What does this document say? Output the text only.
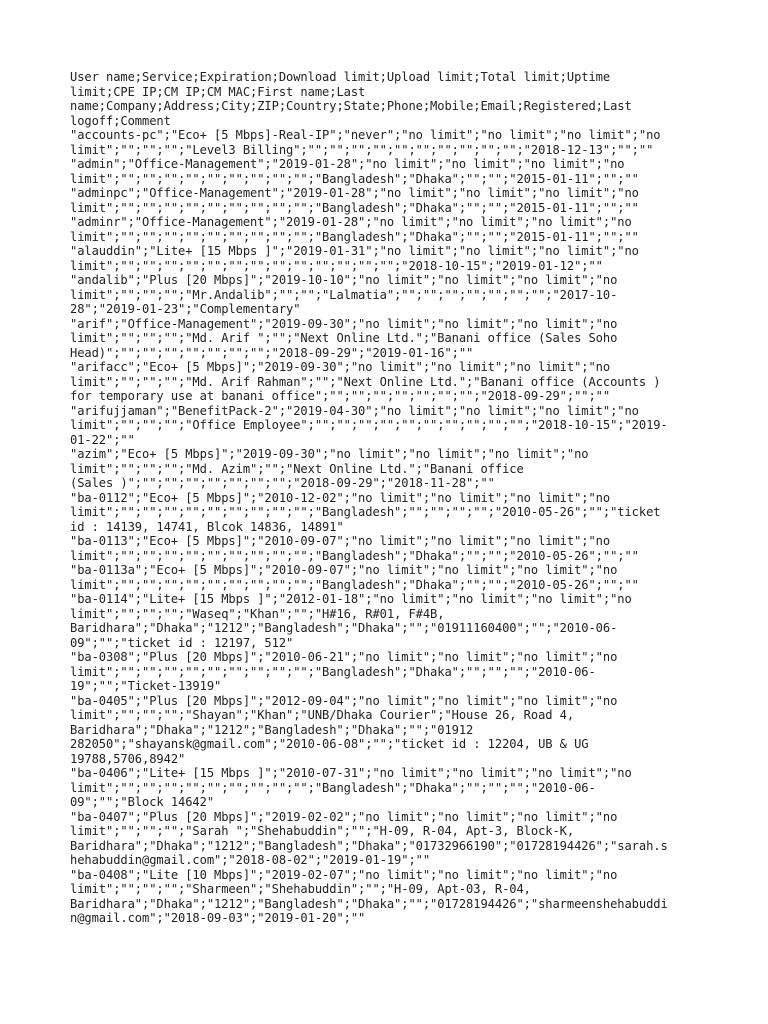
User name;Service;Expiration;Download limit;Upload limit;Total limit;Uptime
limit;CPE IP;CM IP;CM MAC;First name;Last
name;Company;Address;City;ZIP;Country;State;Phone;Mobile;Email;Registered;Last
logoff;Comment
"accounts-pc";"Eco+ [5 Mbps]-Real-IP";"never";"no limit";"no limit";"no limit";"no
limit";"";"";"";"Level3 Billing";"";"";"";"";"";"";"";"";"";"";"2018-12-13";"";""
"admin";"Office-Management";"2019-01-28";"no limit";"no limit";"no limit";"no
limit";"";"";"";"";"";"";"";"";"";"Bangladesh";"Dhaka";"";"";"2015-01-11";"";""
"adminpc";"Office-Management";"2019-01-28";"no limit";"no limit";"no limit";"no
limit";"";"";"";"";"";"";"";"";"";"Bangladesh";"Dhaka";"";"";"2015-01-11";"";""
"adminr";"Office-Management";"2019-01-28";"no limit";"no limit";"no limit";"no
limit";"";"";"";"";"";"";"";"";"";"Bangladesh";"Dhaka";"";"";"2015-01-11";"";""
"alauddin";"Lite+ [15 Mbps ]";"2019-01-31";"no limit";"no limit";"no limit";"no
limit";"";"";"";"";"";"";"";"";"";"";"";"";"";"2018-10-15";"2019-01-12";""
"andalib";"Plus [20 Mbps]";"2019-10-10";"no limit";"no limit";"no limit";"no
limit";"";"";"";"Mr.Andalib";"";"";"Lalmatia";"";"";"";"";"";"";"";"2017-10-
28";"2019-01-23";"Complementary"
"arif";"Office-Management";"2019-09-30";"no limit";"no limit";"no limit";"no
limit";"";"";"";"Md. Arif ";"";"Next Online Ltd.";"Banani office (Sales Soho
Head)";"";"";"";"";"";"";"";"2018-09-29";"2019-01-16";""
"arifacc";"Eco+ [5 Mbps]";"2019-09-30";"no limit";"no limit";"no limit";"no
limit";"";"";"";"Md. Arif Rahman";"";"Next Online Ltd.";"Banani office (Accounts )
for temporary use at banani office";"";"";"";"";"";"";"";"2018-09-29";"";""
"arifujjaman";"BenefitPack-2";"2019-04-30";"no limit";"no limit";"no limit";"no
limit";"";"";"";"Office Employee";"";"";"";"";"";"";"";"";"";"";"2018-10-15";"2019-
01-22";""
"azim";"Eco+ [5 Mbps]";"2019-09-30";"no limit";"no limit";"no limit";"no
limit";"";"";"";"Md. Azim";"";"Next Online Ltd.";"Banani office
(Sales )";"";"";"";"";"";"";"";"2018-09-29";"2018-11-28";""
"ba-0112";"Eco+ [5 Mbps]";"2010-12-02";"no limit";"no limit";"no limit";"no
limit";"";"";"";"";"";"";"";"";"";"Bangladesh";"";"";"";"";"2010-05-26";"";"ticket
id : 14139, 14741, Blcok 14836, 14891"
"ba-0113";"Eco+ [5 Mbps]";"2010-09-07";"no limit";"no limit";"no limit";"no
limit";"";"";"";"";"";"";"";"";"";"Bangladesh";"Dhaka";"";"";"2010-05-26";"";""
"ba-0113a";"Eco+ [5 Mbps]";"2010-09-07";"no limit";"no limit";"no limit";"no
limit";"";"";"";"";"";"";"";"";"";"Bangladesh";"Dhaka";"";"";"2010-05-26";"";""
"ba-0114";"Lite+ [15 Mbps ]";"2012-01-18";"no limit";"no limit";"no limit";"no
limit";"";"";"";"Waseq";"Khan";"";"H#16, R#01, F#4B,
Baridhara";"Dhaka";"1212";"Bangladesh";"Dhaka";"";"01911160400";"";"2010-06-
09";"";"ticket id : 12197, 512"
"ba-0308";"Plus [20 Mbps]";"2010-06-21";"no limit";"no limit";"no limit";"no
limit";"";"";"";"";"";"";"";"";"";"Bangladesh";"Dhaka";"";"";"";"2010-06-
19";"";"Ticket-13919"
"ba-0405";"Plus [20 Mbps]";"2012-09-04";"no limit";"no limit";"no limit";"no
limit";"";"";"";"Shayan";"Khan";"UNB/Dhaka Courier";"House 26, Road 4,
Baridhara";"Dhaka";"1212";"Bangladesh";"Dhaka";"";"01912
282050";"shayansk@gmail.com";"2010-06-08";"";"ticket id : 12204, UB & UG
19788,5706,8942"
"ba-0406";"Lite+ [15 Mbps ]";"2010-07-31";"no limit";"no limit";"no limit";"no
limit";"";"";"";"";"";"";"";"";"";"Bangladesh";"Dhaka";"";"";"";"2010-06-
09";"";"Block 14642"
"ba-0407";"Plus [20 Mbps]";"2019-02-02";"no limit";"no limit";"no limit";"no
limit";"";"";"";"Sarah ";"Shehabuddin";"";"H-09, R-04, Apt-3, Block-K,
Baridhara";"Dhaka";"1212";"Bangladesh";"Dhaka";"01732966190";"01728194426";"sarah.s
hehabuddin@gmail.com";"2018-08-02";"2019-01-19";""
"ba-0408";"Lite [10 Mbps]";"2019-02-07";"no limit";"no limit";"no limit";"no
limit";"";"";"";"Sharmeen";"Shehabuddin";"";"H-09, Apt-03, R-04,
Baridhara";"Dhaka";"1212";"Bangladesh";"Dhaka";"";"01728194426";"sharmeenshehabuddi
n@gmail.com";"2018-09-03";"2019-01-20";""
